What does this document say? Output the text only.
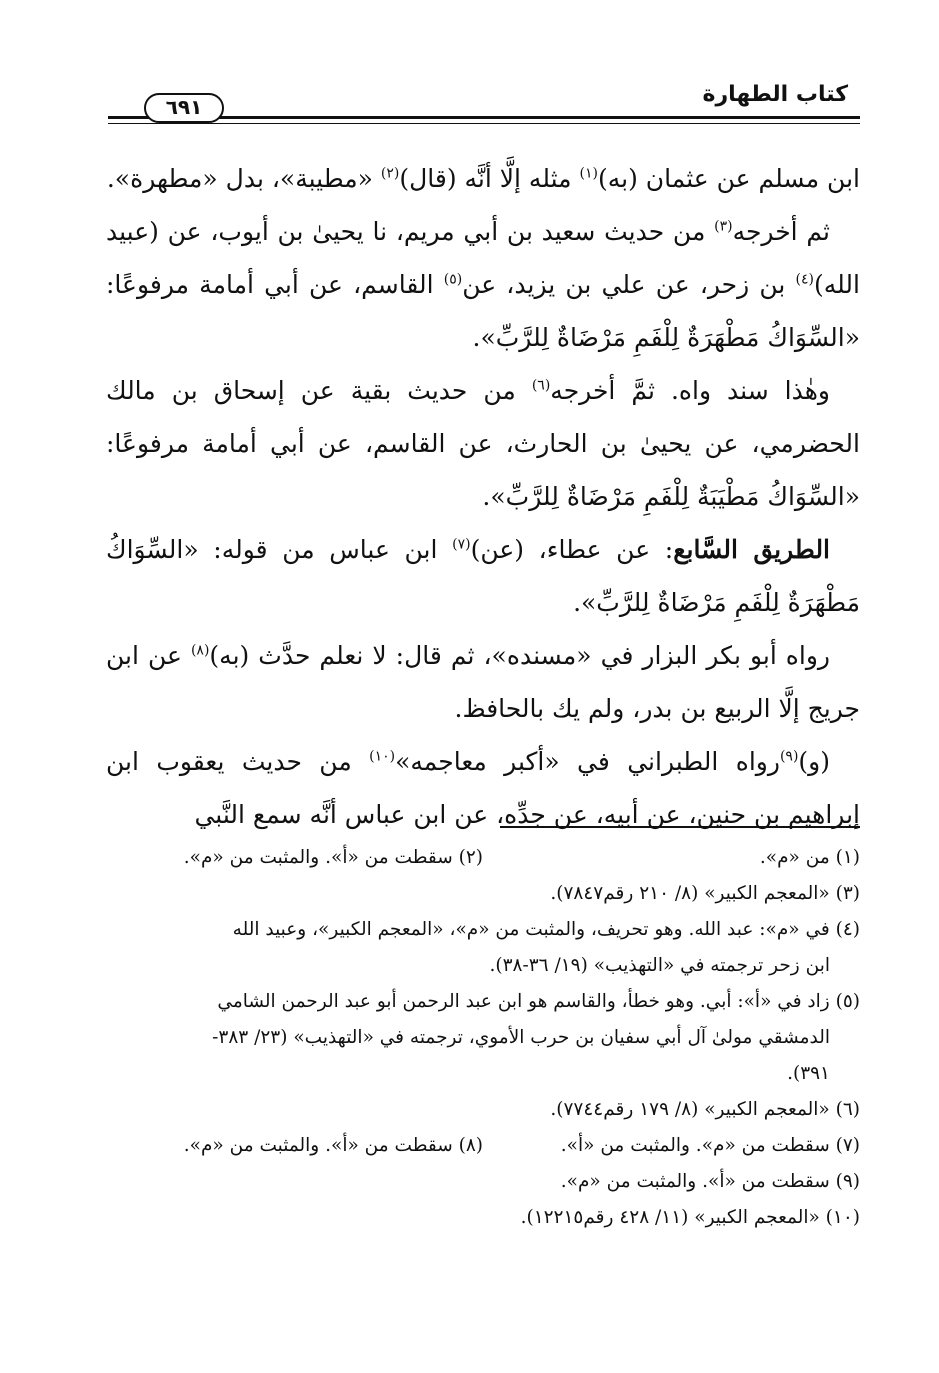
كتاب الطهارة
٦٩١

ابن مسلم عن عثمان (به)$^{(١)}$ مثله إلَّا أنَّه (قال)$^{(٢)}$ «مطيبة»، بدل «مطهرة».

ثم أخرجه$^{(٣)}$ من حديث سعيد بن أبي مريم، نا يحيىٰ بن أيوب، عن (عبيد الله)$^{(٤)}$ بن زحر، عن علي بن يزيد، عن$^{(٥)}$ القاسم، عن أبي أمامة مرفوعًا: «السِّوَاكُ مَطْهَرَةٌ لِلْفَمِ مَرْضَاةٌ لِلرَّبِّ».

وهٰذا سند واه. ثمَّ أخرجه$^{(٦)}$ من حديث بقية عن إسحاق بن مالك الحضرمي، عن يحيىٰ بن الحارث، عن القاسم، عن أبي أمامة مرفوعًا: «السِّوَاكُ مَطْيَبَةٌ لِلْفَمِ مَرْضَاةٌ لِلرَّبِّ».

الطريق السَّابع: عن عطاء، (عن)$^{(٧)}$ ابن عباس من قوله: «السِّوَاكُ مَطْهَرَةٌ لِلْفَمِ مَرْضَاةٌ لِلرَّبِّ».

رواه أبو بكر البزار في «مسنده»، ثم قال: لا نعلم حدَّث (به)$^{(٨)}$ عن ابن جريج إلَّا الربيع بن بدر، ولم يك بالحافظ.

(و)$^{(٩)}$رواه الطبراني في «أكبر معاجمه»$^{(١٠)}$ من حديث يعقوب ابن إبراهيم بن حنين، عن أبيه، عن جدِّه، عن ابن عباس أنَّه سمع النَّبي

(١) من «م».
(٢) سقطت من «أ». والمثبت من «م».
(٣) «المعجم الكبير» (٨/ ٢١٠ رقم٧٨٤٧).
(٤) في «م»: عبد الله. وهو تحريف، والمثبت من «م»، «المعجم الكبير»، وعبيد الله
ابن زحر ترجمته في «التهذيب» (١٩/ ٣٦-٣٨).
(٥) زاد في «أ»: أبي. وهو خطأ، والقاسم هو ابن عبد الرحمن أبو عبد الرحمن الشامي
الدمشقي مولىٰ آل أبي سفيان بن حرب الأموي، ترجمته في «التهذيب» (٢٣/ ٣٨٣-
٣٩١).
(٦) «المعجم الكبير» (٨/ ١٧٩ رقم٧٧٤٤).
(٧) سقطت من «م». والمثبت من «أ».
(٨) سقطت من «أ». والمثبت من «م».
(٩) سقطت من «أ». والمثبت من «م».
(١٠) «المعجم الكبير» (١١/ ٤٢٨ رقم١٢٢١٥).
